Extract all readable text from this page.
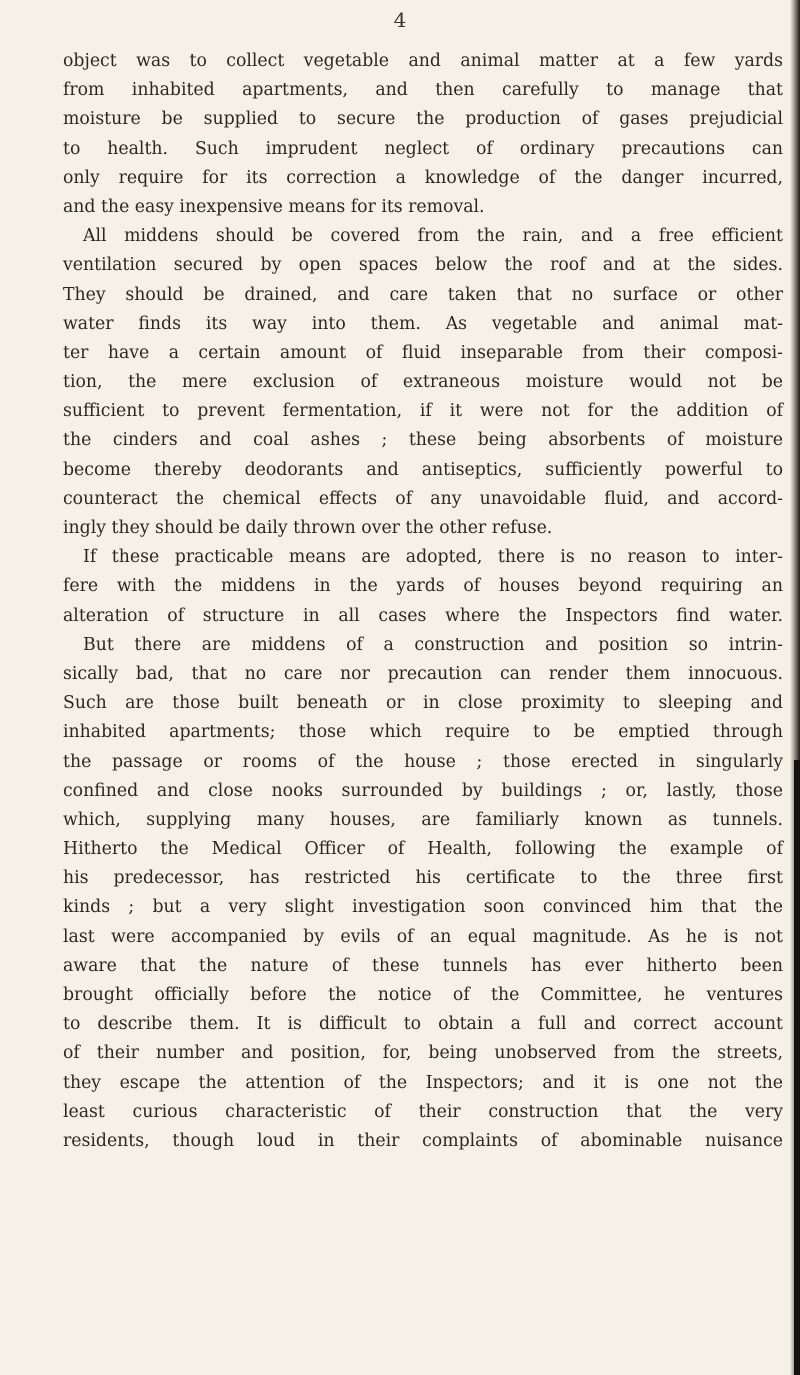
4
object was to collect vegetable and animal matter at a few yards
from inhabited apartments, and then carefully to manage that
moisture be supplied to secure the production of gases prejudicial
to health. Such imprudent neglect of ordinary precautions can
only require for its correction a knowledge of the danger incurred,
and the easy inexpensive means for its removal.
All middens should be covered from the rain, and a free efficient
ventilation secured by open spaces below the roof and at the sides.
They should be drained, and care taken that no surface or other
water finds its way into them. As vegetable and animal mat-
ter have a certain amount of fluid inseparable from their composi-
tion, the mere exclusion of extraneous moisture would not be
sufficient to prevent fermentation, if it were not for the addition of
the cinders and coal ashes ; these being absorbents of moisture
become thereby deodorants and antiseptics, sufficiently powerful to
counteract the chemical effects of any unavoidable fluid, and accord-
ingly they should be daily thrown over the other refuse.
If these practicable means are adopted, there is no reason to inter-
fere with the middens in the yards of houses beyond requiring an
alteration of structure in all cases where the Inspectors find water.
But there are middens of a construction and position so intrin-
sically bad, that no care nor precaution can render them innocuous.
Such are those built beneath or in close proximity to sleeping and
inhabited apartments; those which require to be emptied through
the passage or rooms of the house ; those erected in singularly
confined and close nooks surrounded by buildings ; or, lastly, those
which, supplying many houses, are familiarly known as tunnels.
Hitherto the Medical Officer of Health, following the example of
his predecessor, has restricted his certificate to the three first
kinds ; but a very slight investigation soon convinced him that the
last were accompanied by evils of an equal magnitude. As he is not
aware that the nature of these tunnels has ever hitherto been
brought officially before the notice of the Committee, he ventures
to describe them. It is difficult to obtain a full and correct account
of their number and position, for, being unobserved from the streets,
they escape the attention of the Inspectors; and it is one not the
least curious characteristic of their construction that the very
residents, though loud in their complaints of abominable nuisance
